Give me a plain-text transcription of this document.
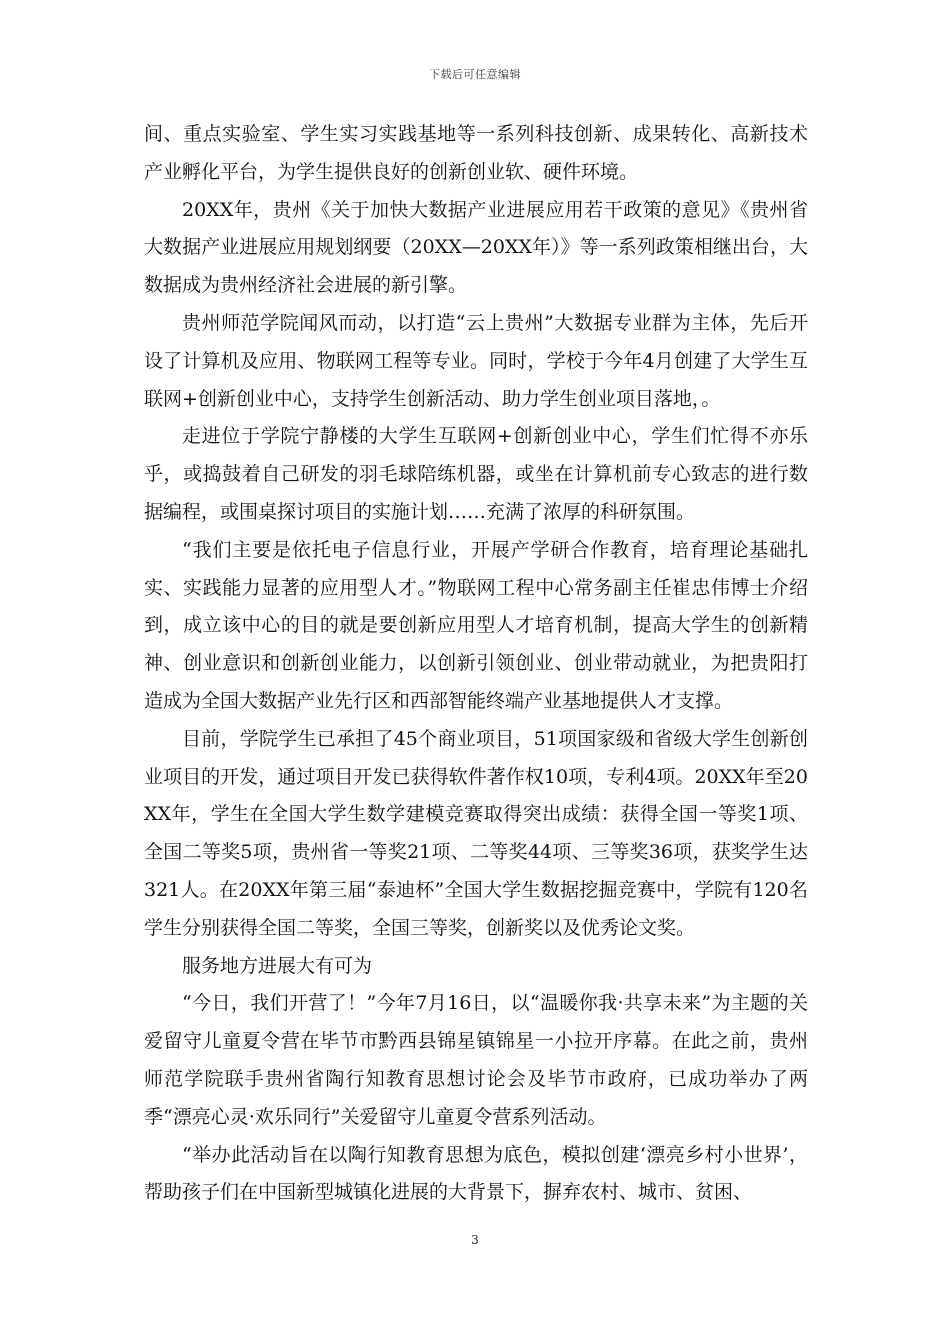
下载后可任意编辑

间、重点实验室、学生实习实践基地等一系列科技创新、成果转化、高新技术产业孵化平台，为学生提供良好的创新创业软、硬件环境。

20XX年，贵州《关于加快大数据产业进展应用若干政策的意见》《贵州省大数据产业进展应用规划纲要（20XX—20XX年）》等一系列政策相继出台，大数据成为贵州经济社会进展的新引擎。

贵州师范学院闻风而动，以打造“云上贵州”大数据专业群为主体，先后开设了计算机及应用、物联网工程等专业。同时，学校于今年4月创建了大学生互联网+创新创业中心，支持学生创新活动、助力学生创业项目落地，。

走进位于学院宁静楼的大学生互联网+创新创业中心，学生们忙得不亦乐乎，或捣鼓着自己研发的羽毛球陪练机器，或坐在计算机前专心致志的进行数据编程，或围桌探讨项目的实施计划……充满了浓厚的科研氛围。

“我们主要是依托电子信息行业，开展产学研合作教育，培育理论基础扎实、实践能力显著的应用型人才。”物联网工程中心常务副主任崔忠伟博士介绍到，成立该中心的目的就是要创新应用型人才培育机制，提高大学生的创新精神、创业意识和创新创业能力，以创新引领创业、创业带动就业，为把贵阳打造成为全国大数据产业先行区和西部智能终端产业基地提供人才支撑。

目前，学院学生已承担了45个商业项目，51项国家级和省级大学生创新创业项目的开发，通过项目开发已获得软件著作权10项，专利4项。20XX年至20XX年，学生在全国大学生数学建模竞赛取得突出成绩：获得全国一等奖1项、全国二等奖5项，贵州省一等奖21项、二等奖44项、三等奖36项，获奖学生达321人。在20XX年第三届“泰迪杯”全国大学生数据挖掘竞赛中，学院有120名学生分别获得全国二等奖，全国三等奖，创新奖以及优秀论文奖。

服务地方进展大有可为

“今日，我们开营了！”今年7月16日，以“温暖你我·共享未来”为主题的关爱留守儿童夏令营在毕节市黔西县锦星镇锦星一小拉开序幕。在此之前，贵州师范学院联手贵州省陶行知教育思想讨论会及毕节市政府，已成功举办了两季“漂亮心灵·欢乐同行”关爱留守儿童夏令营系列活动。

“举办此活动旨在以陶行知教育思想为底色，模拟创建‘漂亮乡村小世界’，帮助孩子们在中国新型城镇化进展的大背景下，摒弃农村、城市、贫困、

3
